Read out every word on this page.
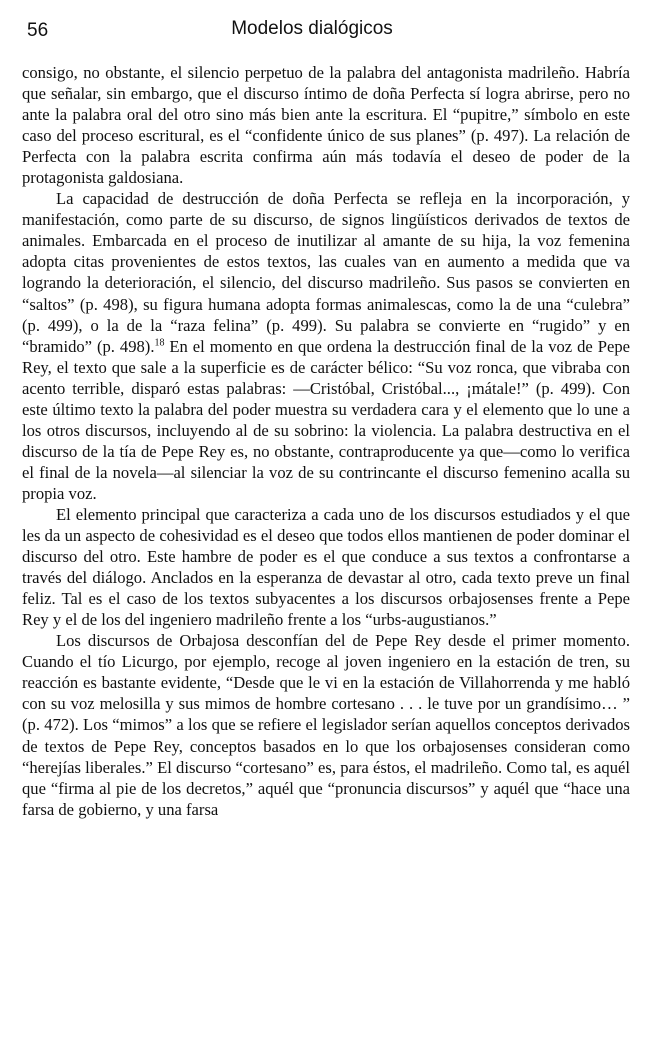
56	Modelos dialógicos

consigo, no obstante, el silencio perpetuo de la palabra del antagonista madrileño. Habría que señalar, sin embargo, que el discurso íntimo de doña Perfecta sí logra abrirse, pero no ante la palabra oral del otro sino más bien ante la escritura. El “pupitre,” símbolo en este caso del proceso escritural, es el “confidente único de sus planes” (p. 497). La relación de Perfecta con la palabra escrita confirma aún más todavía el deseo de poder de la protagonista galdosiana.

La capacidad de destrucción de doña Perfecta se refleja en la incorporación, y manifestación, como parte de su discurso, de signos lingüísticos derivados de textos de animales. Embarcada en el proceso de inutilizar al amante de su hija, la voz femenina adopta citas provenientes de estos textos, las cuales van en aumento a medida que va logrando la deterioración, el silencio, del discurso madrileño. Sus pasos se convierten en “saltos” (p. 498), su figura humana adopta formas animalescas, como la de una “culebra” (p. 499), o la de la “raza felina” (p. 499). Su palabra se convierte en “rugido” y en “bramido” (p. 498).$^{18}$ En el momento en que ordena la destrucción final de la voz de Pepe Rey, el texto que sale a la superficie es de carácter bélico: “Su voz ronca, que vibraba con acento terrible, disparó estas palabras: —Cristóbal, Cristóbal..., ¡mátale!” (p. 499). Con este último texto la palabra del poder muestra su verdadera cara y el elemento que lo une a los otros discursos, incluyendo al de su sobrino: la violencia. La palabra destructiva en el discurso de la tía de Pepe Rey es, no obstante, contraproducente ya que—como lo verifica el final de la novela—al silenciar la voz de su contrincante el discurso femenino acalla su propia voz.

El elemento principal que caracteriza a cada uno de los discursos estudiados y el que les da un aspecto de cohesividad es el deseo que todos ellos mantienen de poder dominar el discurso del otro. Este hambre de poder es el que conduce a sus textos a confrontarse a través del diálogo. Anclados en la esperanza de devastar al otro, cada texto preve un final feliz. Tal es el caso de los textos subyacentes a los discursos orbajosenses frente a Pepe Rey y el de los del ingeniero madrileño frente a los “urbs-augustianos.”

Los discursos de Orbajosa desconfían del de Pepe Rey desde el primer momento. Cuando el tío Licurgo, por ejemplo, recoge al joven ingeniero en la estación de tren, su reacción es bastante evidente, “Desde que le vi en la estación de Villahorrenda y me habló con su voz melosilla y sus mimos de hombre cortesano . . . le tuve por un grandísimo… ” (p. 472). Los “mimos” a los que se refiere el legislador serían aquellos conceptos derivados de textos de Pepe Rey, conceptos basados en lo que los orbajosenses consideran como “herejías liberales.” El discurso “cortesano” es, para éstos, el madrileño. Como tal, es aquél que “firma al pie de los decretos,” aquél que “pronuncia discursos” y aquél que “hace una farsa de gobierno, y una farsa
